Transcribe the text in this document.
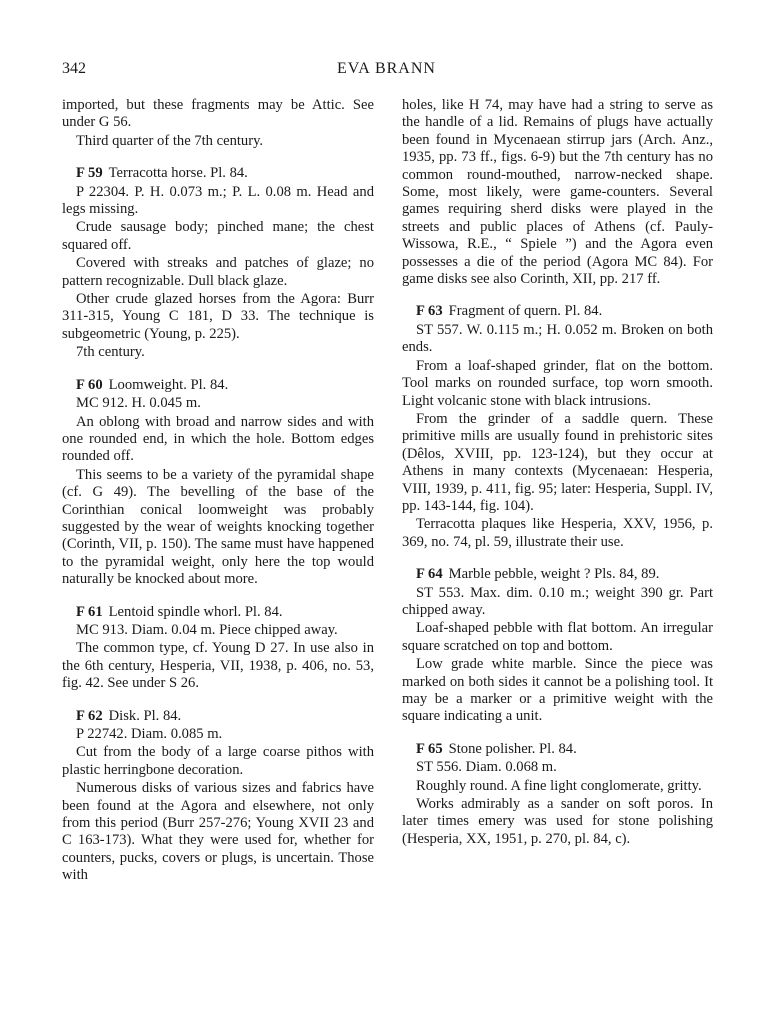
342	EVA BRANN

imported, but these fragments may be Attic. See under G 56.

Third quarter of the 7th century.

F 59 Terracotta horse. Pl. 84.

P 22304. P. H. 0.073 m.; P. L. 0.08 m. Head and legs missing.

Crude sausage body; pinched mane; the chest squared off.

Covered with streaks and patches of glaze; no pattern recognizable. Dull black glaze.

Other crude glazed horses from the Agora: Burr 311-315, Young C 181, D 33. The technique is subgeometric (Young, p. 225).

7th century.

F 60 Loomweight. Pl. 84.

MC 912. H. 0.045 m.

An oblong with broad and narrow sides and with one rounded end, in which the hole. Bottom edges rounded off.

This seems to be a variety of the pyramidal shape (cf. G 49). The bevelling of the base of the Corinthian conical loomweight was probably suggested by the wear of weights knocking together (Corinth, VII, p. 150). The same must have happened to the pyramidal weight, only here the top would naturally be knocked about more.

F 61 Lentoid spindle whorl. Pl. 84.

MC 913. Diam. 0.04 m. Piece chipped away.

The common type, cf. Young D 27. In use also in the 6th century, Hesperia, VII, 1938, p. 406, no. 53, fig. 42. See under S 26.

F 62 Disk. Pl. 84.

P 22742. Diam. 0.085 m.

Cut from the body of a large coarse pithos with plastic herringbone decoration.

Numerous disks of various sizes and fabrics have been found at the Agora and elsewhere, not only from this period (Burr 257-276; Young XVII 23 and C 163-173). What they were used for, whether for counters, pucks, covers or plugs, is uncertain. Those with

holes, like H 74, may have had a string to serve as the handle of a lid. Remains of plugs have actually been found in Mycenaean stirrup jars (Arch. Anz., 1935, pp. 73 ff., figs. 6-9) but the 7th century has no common round-mouthed, narrow-necked shape. Some, most likely, were game-counters. Several games requiring sherd disks were played in the streets and public places of Athens (cf. Pauly-Wissowa, R.E., “ Spiele ”) and the Agora even possesses a die of the period (Agora MC 84). For game disks see also Corinth, XII, pp. 217 ff.

F 63 Fragment of quern. Pl. 84.

ST 557. W. 0.115 m.; H. 0.052 m. Broken on both ends.

From a loaf-shaped grinder, flat on the bottom. Tool marks on rounded surface, top worn smooth. Light volcanic stone with black intrusions.

From the grinder of a saddle quern. These primitive mills are usually found in prehistoric sites (Dêlos, XVIII, pp. 123-124), but they occur at Athens in many contexts (Mycenaean: Hesperia, VIII, 1939, p. 411, fig. 95; later: Hesperia, Suppl. IV, pp. 143-144, fig. 104).

Terracotta plaques like Hesperia, XXV, 1956, p. 369, no. 74, pl. 59, illustrate their use.

F 64 Marble pebble, weight ? Pls. 84, 89.

ST 553. Max. dim. 0.10 m.; weight 390 gr. Part chipped away.

Loaf-shaped pebble with flat bottom. An irregular square scratched on top and bottom.

Low grade white marble. Since the piece was marked on both sides it cannot be a polishing tool. It may be a marker or a primitive weight with the square indicating a unit.

F 65 Stone polisher. Pl. 84.

ST 556. Diam. 0.068 m.

Roughly round. A fine light conglomerate, gritty.

Works admirably as a sander on soft poros. In later times emery was used for stone polishing (Hesperia, XX, 1951, p. 270, pl. 84, c).
